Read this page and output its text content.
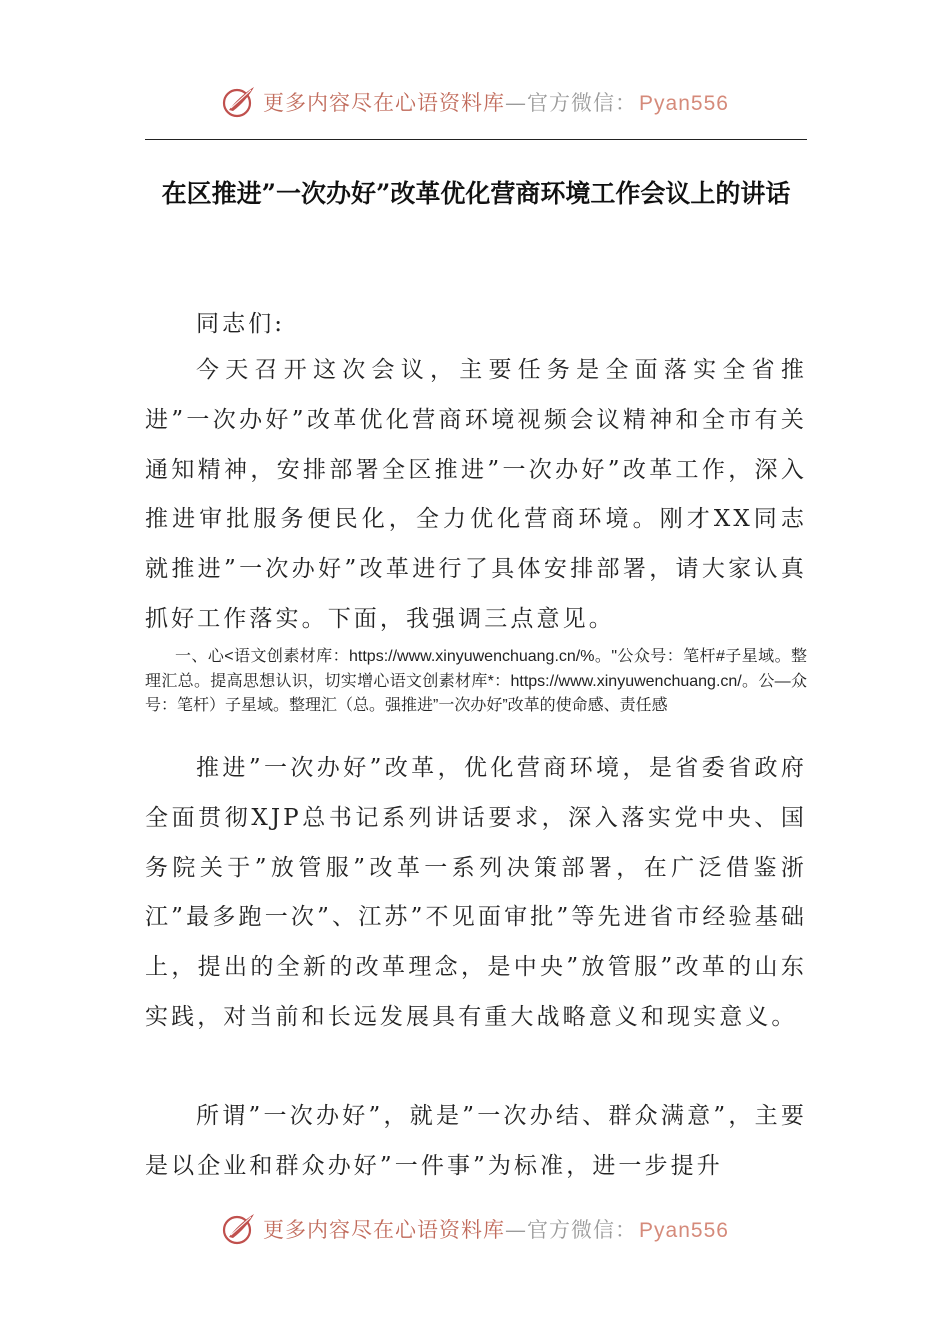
更多内容尽在心语资料库—官方微信：Pyan556
在区推进”一次办好”改革优化营商环境工作会议上的讲话

同志们:

今天召开这次会议，主要任务是全面落实全省推进”一次办好”改革优化营商环境视频会议精神和全市有关通知精神，安排部署全区推进”一次办好”改革工作，深入推进审批服务便民化，全力优化营商环境。刚才XX同志就推进”一次办好”改革进行了具体安排部署，请大家认真抓好工作落实。下面，我强调三点意见。

一、心<语文创素材库：https://www.xinyuwenchuang.cn/%。"公众号：笔杆#子星域。整理汇总。提高思想认识，切实增心语文创素材库*：https://www.xinyuwenchuang.cn/。公—众号：笔杆）子星域。整理汇（总。强推进”一次办好”改革的使命感、责任感

推进”一次办好”改革，优化营商环境，是省委省政府全面贯彻XJP总书记系列讲话要求，深入落实党中央、国务院关于”放管服”改革一系列决策部署，在广泛借鉴浙江”最多跑一次”、江苏”不见面审批”等先进省市经验基础上，提出的全新的改革理念，是中央”放管服”改革的山东实践，对当前和长远发展具有重大战略意义和现实意义。

所谓”一次办好”，就是”一次办结、群众满意”，主要是以企业和群众办好”一件事”为标准，进一步提升

更多内容尽在心语资料库—官方微信：Pyan556
